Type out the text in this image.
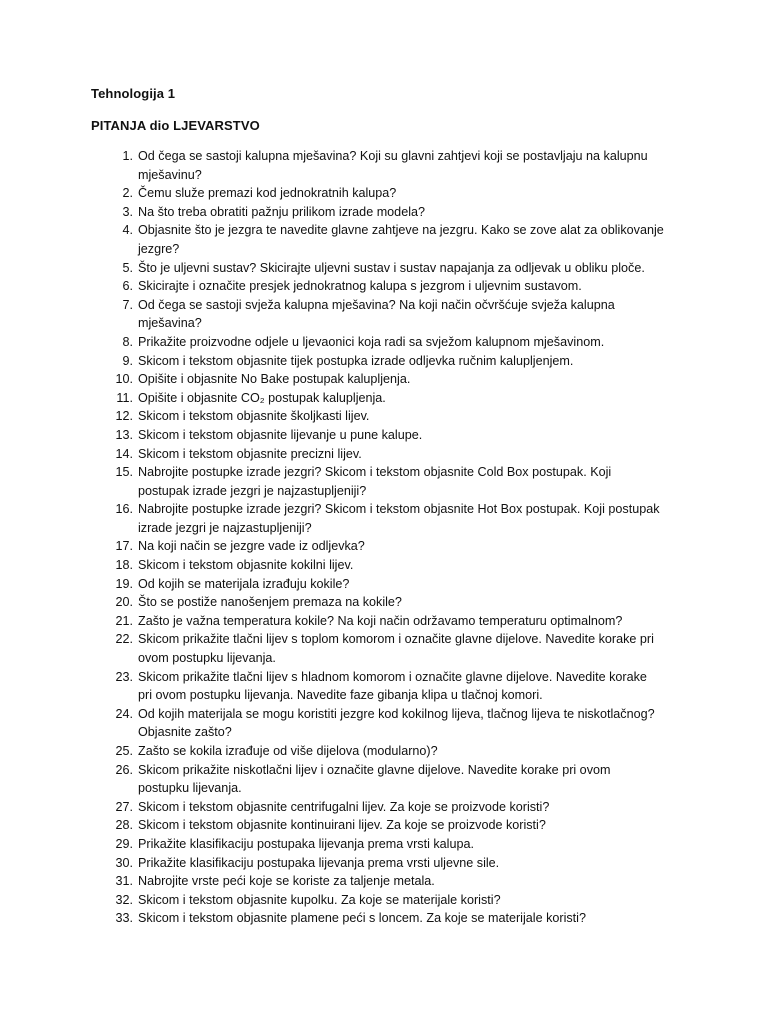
Tehnologija 1
PITANJA dio LJEVARSTVO
1. Od čega se sastoji kalupna mješavina? Koji su glavni zahtjevi koji se postavljaju na kalupnu
mješavinu?
2. Čemu služe premazi kod jednokratnih kalupa?
3. Na što treba obratiti pažnju prilikom izrade modela?
4. Objasnite što je jezgra te navedite glavne zahtjeve na jezgru. Kako se zove alat za oblikovanje
jezgre?
5. Što je uljevni sustav? Skicirajte uljevni sustav i sustav napajanja za odljevak u obliku ploče.
6. Skicirajte i označite presjek jednokratnog kalupa s jezgrom i uljevnim sustavom.
7. Od čega se sastoji svježa kalupna mješavina? Na koji način očvršćuje svježa kalupna
mješavina?
8. Prikažite proizvodne odjele u ljevaonici koja radi sa svježom kalupnom mješavinom.
9. Skicom i tekstom objasnite tijek postupka izrade odljevka ručnim kalupljenjem.
10. Opišite i objasnite No Bake postupak kalupljenja.
11. Opišite i objasnite CO₂ postupak kalupljenja.
12. Skicom i tekstom objasnite školjkasti lijev.
13. Skicom i tekstom objasnite lijevanje u pune kalupe.
14. Skicom i tekstom objasnite precizni lijev.
15. Nabrojite postupke izrade jezgri? Skicom i tekstom objasnite Cold Box postupak. Koji
postupak izrade jezgri je najzastupljeniji?
16. Nabrojite postupke izrade jezgri? Skicom i tekstom objasnite Hot Box postupak. Koji postupak
izrade jezgri je najzastupljeniji?
17. Na koji način se jezgre vade iz odljevka?
18. Skicom i tekstom objasnite kokilni lijev.
19. Od kojih se materijala izrađuju kokile?
20. Što se postiže nanošenjem premaza na kokile?
21. Zašto je važna temperatura kokile? Na koji način održavamo temperaturu optimalnom?
22. Skicom prikažite tlačni lijev s toplom komorom i označite glavne dijelove. Navedite korake pri
ovom postupku lijevanja.
23. Skicom prikažite tlačni lijev s hladnom komorom i označite glavne dijelove. Navedite korake
pri ovom postupku lijevanja. Navedite faze gibanja klipa u tlačnoj komori.
24. Od kojih materijala se mogu koristiti jezgre kod kokilnog lijeva, tlačnog lijeva te niskotlačnog?
Objasnite zašto?
25. Zašto se kokila izrađuje od više dijelova (modularno)?
26. Skicom prikažite niskotlačni lijev i označite glavne dijelove. Navedite korake pri ovom
postupku lijevanja.
27. Skicom i tekstom objasnite centrifugalni lijev. Za koje se proizvode koristi?
28. Skicom i tekstom objasnite kontinuirani lijev. Za koje se proizvode koristi?
29. Prikažite klasifikaciju postupaka lijevanja prema vrsti kalupa.
30. Prikažite klasifikaciju postupaka lijevanja prema vrsti uljevne sile.
31. Nabrojite vrste peći koje se koriste za taljenje metala.
32. Skicom i tekstom objasnite kupolku. Za koje se materijale koristi?
33. Skicom i tekstom objasnite plamene peći s loncem. Za koje se materijale koristi?
